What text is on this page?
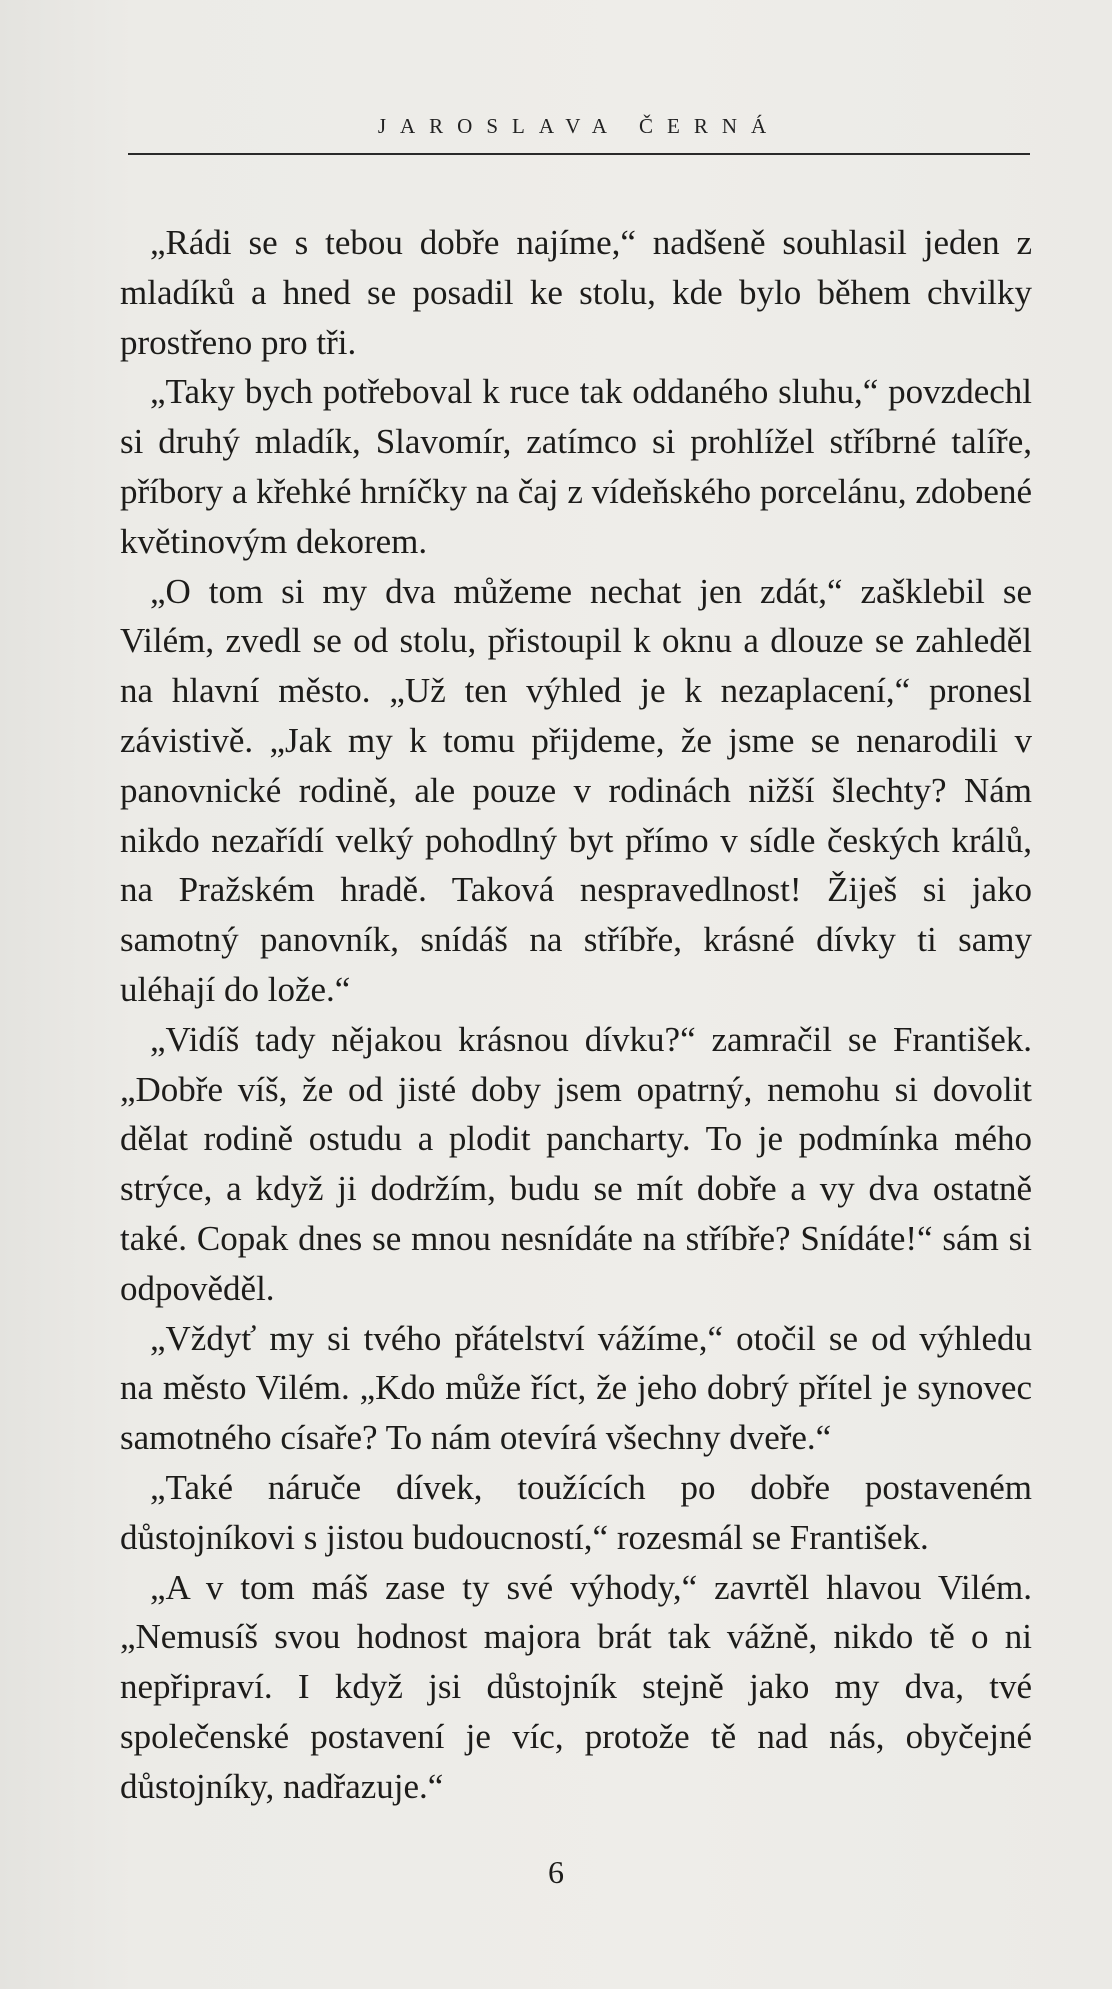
JAROSLAVA ČERNÁ

„Rádi se s tebou dobře najíme,“ nadšeně souhlasil jeden z mladíků a hned se posadil ke stolu, kde bylo během chvilky prostřeno pro tři.

„Taky bych potřeboval k ruce tak oddaného sluhu,“ povzdechl si druhý mladík, Slavomír, zatímco si prohlížel stříbrné talíře, příbory a křehké hrníčky na čaj z vídeňského porcelánu, zdobené květinovým dekorem.

„O tom si my dva můžeme nechat jen zdát,“ zašklebil se Vilém, zvedl se od stolu, přistoupil k oknu a dlouze se zahleděl na hlavní město. „Už ten výhled je k nezaplacení,“ pronesl závistivě. „Jak my k tomu přijdeme, že jsme se nenarodili v panovnické rodině, ale pouze v rodinách nižší šlechty? Nám nikdo nezařídí velký pohodlný byt přímo v sídle českých králů, na Pražském hradě. Taková nespravedlnost! Žiješ si jako samotný panovník, snídáš na stříbře, krásné dívky ti samy uléhají do lože.“

„Vidíš tady nějakou krásnou dívku?“ zamračil se František. „Dobře víš, že od jisté doby jsem opatrný, nemohu si dovolit dělat rodině ostudu a plodit pancharty. To je podmínka mého strýce, a když ji dodržím, budu se mít dobře a vy dva ostatně také. Copak dnes se mnou nesnídáte na stříbře? Snídáte!“ sám si odpověděl.

„Vždyť my si tvého přátelství vážíme,“ otočil se od výhledu na město Vilém. „Kdo může říct, že jeho dobrý přítel je synovec samotného císaře? To nám otevírá všechny dveře.“

„Také náruče dívek, toužících po dobře postaveném důstojníkovi s jistou budoucností,“ rozesmál se František.

„A v tom máš zase ty své výhody,“ zavrtěl hlavou Vilém. „Nemusíš svou hodnost majora brát tak vážně, nikdo tě o ni nepřipraví. I když jsi důstojník stejně jako my dva, tvé společenské postavení je víc, protože tě nad nás, obyčejné důstojníky, nadřazuje.“

6
